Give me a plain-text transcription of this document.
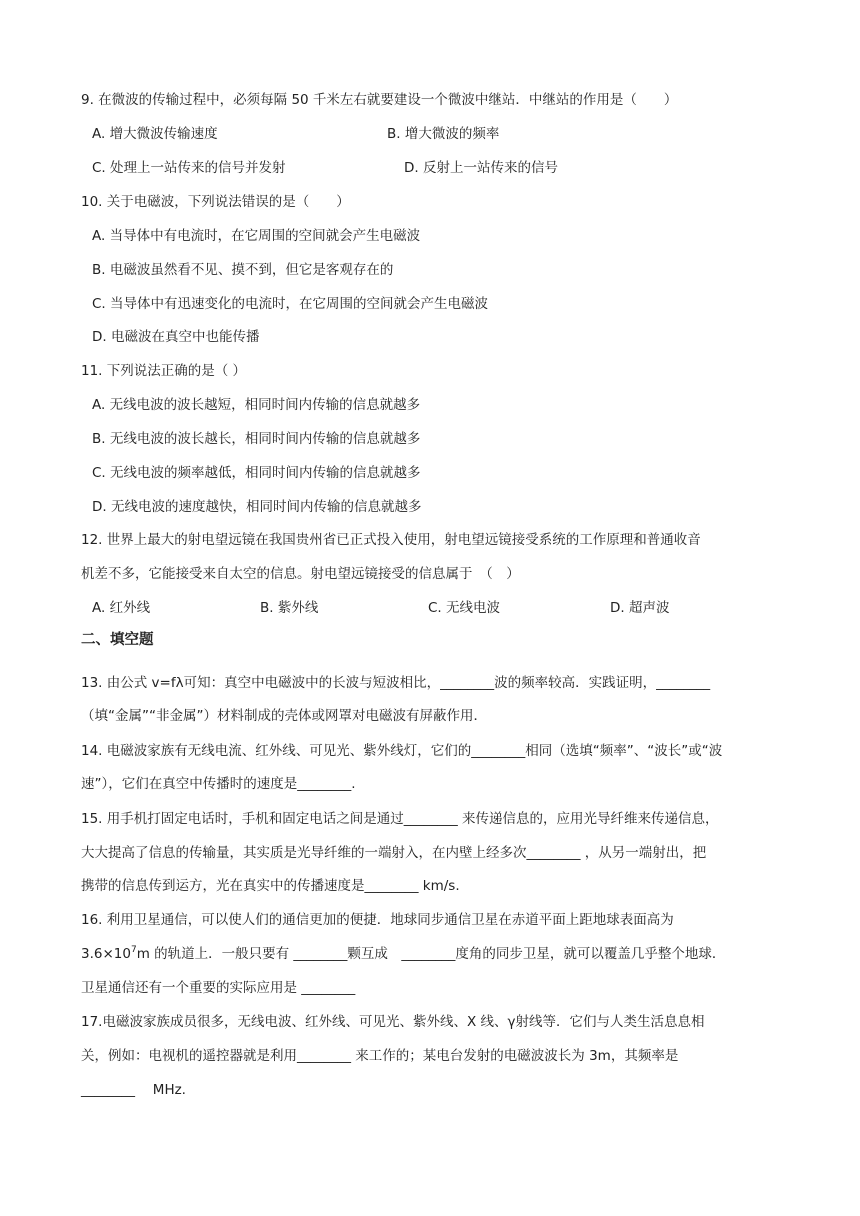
9. 在微波的传输过程中，必须每隔 50 千米左右就要建设一个微波中继站．中继站的作用是（　　）
A. 增大微波传输速度	B. 增大微波的频率
C. 处理上一站传来的信号并发射	D. 反射上一站传来的信号
10. 关于电磁波，下列说法错误的是（　　）
A. 当导体中有电流时，在它周围的空间就会产生电磁波
B. 电磁波虽然看不见、摸不到，但它是客观存在的
C. 当导体中有迅速变化的电流时，在它周围的空间就会产生电磁波
D. 电磁波在真空中也能传播
11. 下列说法正确的是（ ）
A. 无线电波的波长越短，相同时间内传输的信息就越多
B. 无线电波的波长越长，相同时间内传输的信息就越多
C. 无线电波的频率越低，相同时间内传输的信息就越多
D. 无线电波的速度越快，相同时间内传输的信息就越多
12. 世界上最大的射电望远镜在我国贵州省已正式投入使用，射电望远镜接受系统的工作原理和普通收音
机差不多，它能接受来自太空的信息。射电望远镜接受的信息属于　（　）
A. 红外线	B. 紫外线	C. 无线电波	D. 超声波
二、填空题
13. 由公式 v=fλ可知：真空中电磁波中的长波与短波相比，________波的频率较高．实践证明，________
（填“金属”“非金属”）材料制成的壳体或网罩对电磁波有屏蔽作用．
14. 电磁波家族有无线电流、红外线、可见光、紫外线灯，它们的________相同（选填“频率”、“波长”或“波
速”），它们在真空中传播时的速度是________.
15. 用手机打固定电话时，手机和固定电话之间是通过________ 来传递信息的，应用光导纤维来传递信息，
大大提高了信息的传输量，其实质是光导纤维的一端射入，在内壁上经多次________ ，从另一端射出，把
携带的信息传到运方，光在真实中的传播速度是________ km/s.
16. 利用卫星通信，可以使人们的通信更加的便捷．地球同步通信卫星在赤道平面上距地球表面高为
$3.6\times 10^7m$ 的轨道上．一般只要有 ________颗互成　________度角的同步卫星，就可以覆盖几乎整个地球．
卫星通信还有一个重要的实际应用是 ________
17.电磁波家族成员很多，无线电波、红外线、可见光、紫外线、X 线、γ射线等．它们与人类生活息息相
关，例如：电视机的遥控器就是利用________ 来工作的；某电台发射的电磁波波长为 3m，其频率是
________　 MHz.
